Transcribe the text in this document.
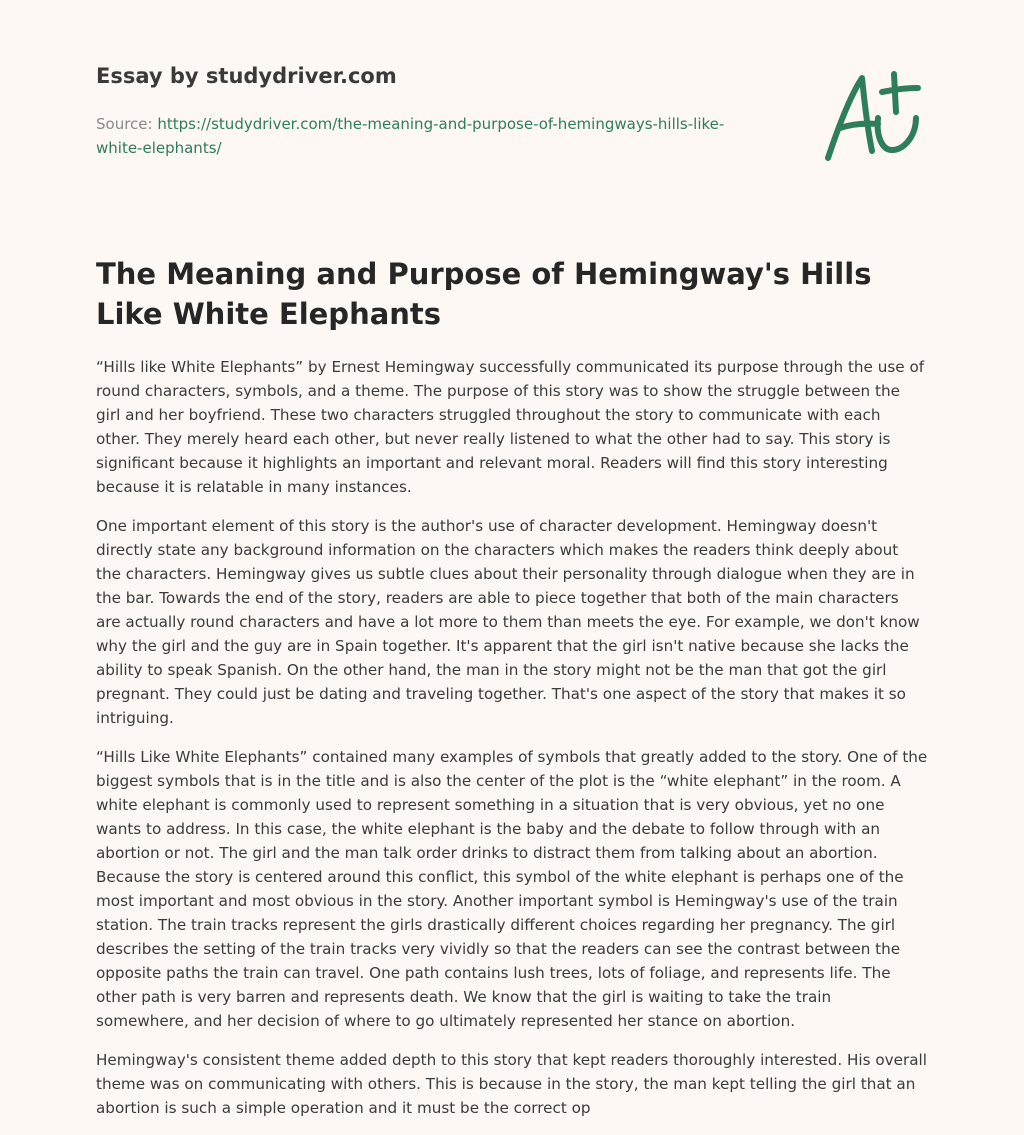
Essay by studydriver.com
Source: https://studydriver.com/the-meaning-and-purpose-of-hemingways-hills-like-white-elephants/
The Meaning and Purpose of Hemingway's Hills Like White Elephants

“Hills like White Elephants” by Ernest Hemingway successfully communicated its purpose through the use of round characters, symbols, and a theme. The purpose of this story was to show the struggle between the girl and her boyfriend. These two characters struggled throughout the story to communicate with each other. They merely heard each other, but never really listened to what the other had to say. This story is significant because it highlights an important and relevant moral. Readers will find this story interesting because it is relatable in many instances.

One important element of this story is the author's use of character development. Hemingway doesn't directly state any background information on the characters which makes the readers think deeply about the characters. Hemingway gives us subtle clues about their personality through dialogue when they are in the bar. Towards the end of the story, readers are able to piece together that both of the main characters are actually round characters and have a lot more to them than meets the eye. For example, we don't know why the girl and the guy are in Spain together. It's apparent that the girl isn't native because she lacks the ability to speak Spanish. On the other hand, the man in the story might not be the man that got the girl pregnant. They could just be dating and traveling together. That's one aspect of the story that makes it so intriguing.

“Hills Like White Elephants” contained many examples of symbols that greatly added to the story. One of the biggest symbols that is in the title and is also the center of the plot is the “white elephant” in the room. A white elephant is commonly used to represent something in a situation that is very obvious, yet no one wants to address. In this case, the white elephant is the baby and the debate to follow through with an abortion or not. The girl and the man talk order drinks to distract them from talking about an abortion. Because the story is centered around this conflict, this symbol of the white elephant is perhaps one of the most important and most obvious in the story. Another important symbol is Hemingway's use of the train station. The train tracks represent the girls drastically different choices regarding her pregnancy. The girl describes the setting of the train tracks very vividly so that the readers can see the contrast between the opposite paths the train can travel. One path contains lush trees, lots of foliage, and represents life. The other path is very barren and represents death. We know that the girl is waiting to take the train somewhere, and her decision of where to go ultimately represented her stance on abortion.

Hemingway's consistent theme added depth to this story that kept readers thoroughly interested. His overall theme was on communicating with others. This is because in the story, the man kept telling the girl that an abortion is such a simple operation and it must be the correct op
